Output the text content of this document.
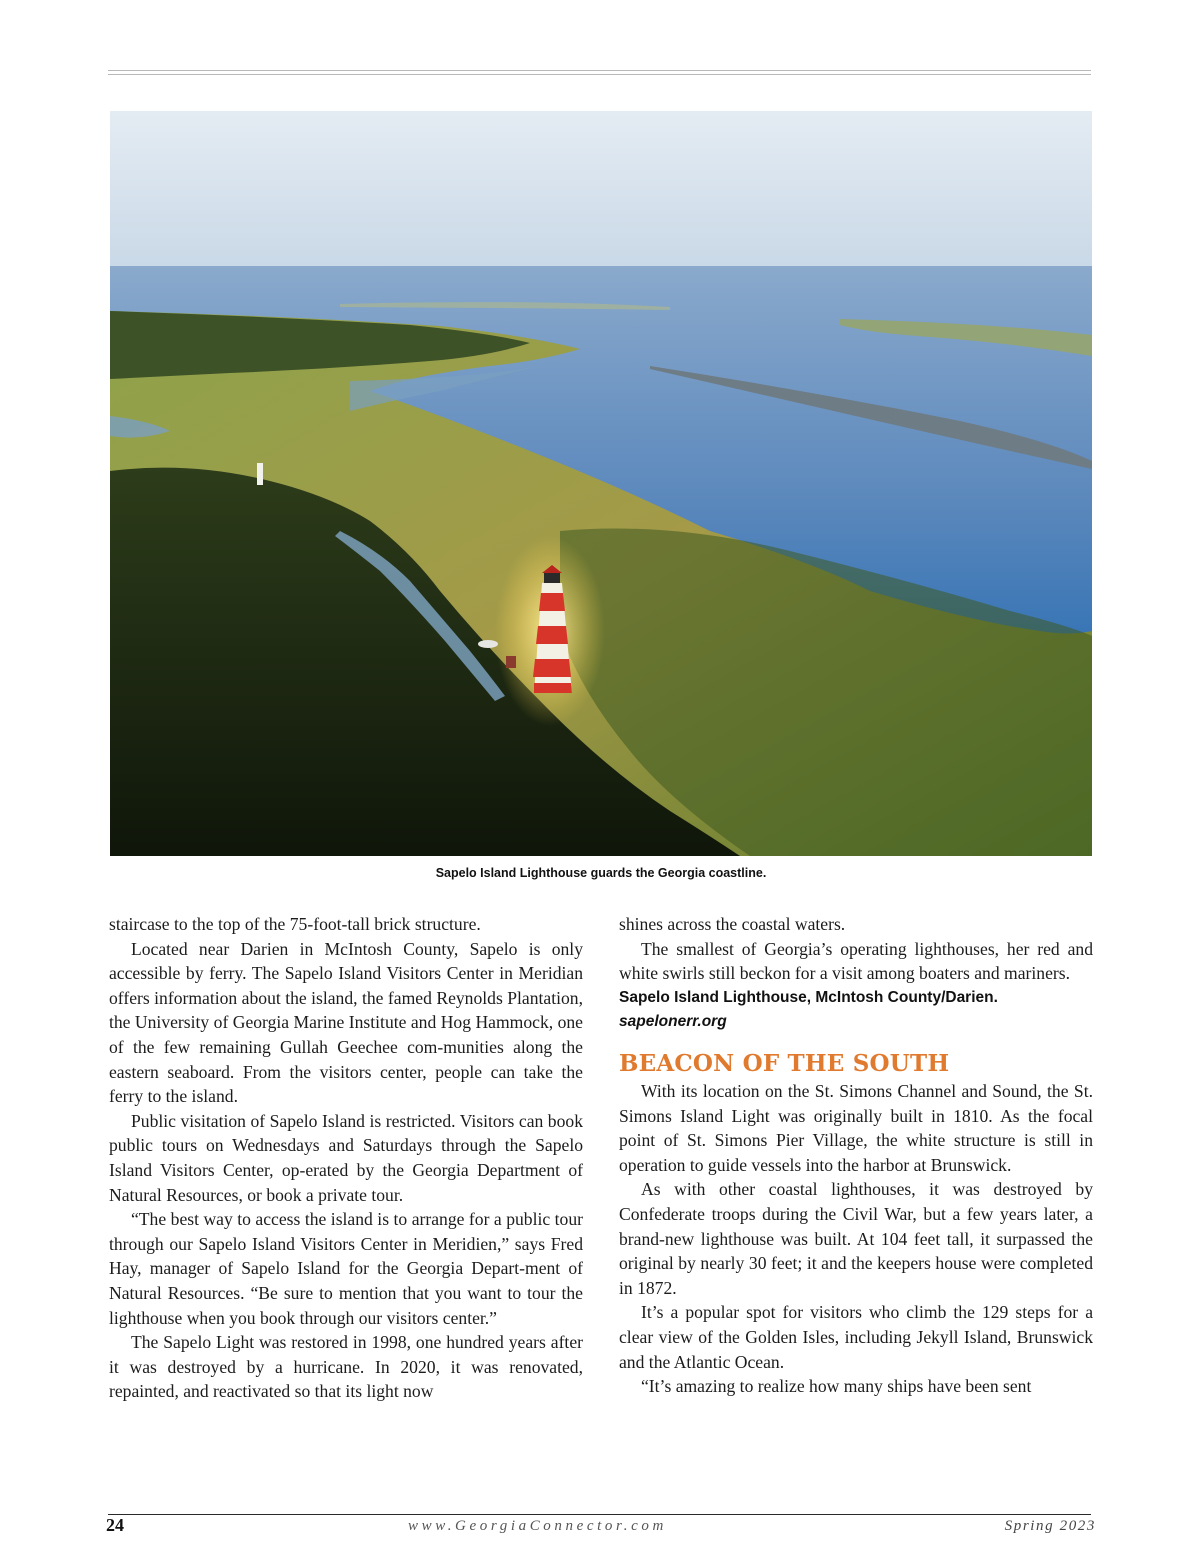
Sapelo Island Lighthouse guards the Georgia coastline.

staircase to the top of the 75-foot-tall brick structure.

Located near Darien in McIntosh County, Sapelo is only accessible by ferry. The Sapelo Island Visitors Center in Meridian offers information about the island, the famed Reynolds Plantation, the University of Georgia Marine Institute and Hog Hammock, one of the few remaining Gullah Geechee com-munities along the eastern seaboard. From the visitors center, people can take the ferry to the island.

Public visitation of Sapelo Island is restricted. Visitors can book public tours on Wednesdays and Saturdays through the Sapelo Island Visitors Center, op-erated by the Georgia Department of Natural Resources, or book a private tour.

“The best way to access the island is to arrange for a public tour through our Sapelo Island Visitors Center in Meridien,” says Fred Hay, manager of Sapelo Island for the Georgia Depart-ment of Natural Resources. “Be sure to mention that you want to tour the lighthouse when you book through our visitors center.”

The Sapelo Light was restored in 1998, one hundred years after it was destroyed by a hurricane. In 2020, it was renovated, repainted, and reactivated so that its light now

shines across the coastal waters.

The smallest of Georgia’s operating lighthouses, her red and white swirls still beckon for a visit among boaters and mariners.

Sapelo Island Lighthouse, McIntosh County/Darien.
sapelonerr.org
BEACON OF THE SOUTH

With its location on the St. Simons Channel and Sound, the St. Simons Island Light was originally built in 1810. As the focal point of St. Simons Pier Village, the white structure is still in operation to guide vessels into the harbor at Brunswick.

As with other coastal lighthouses, it was destroyed by Confederate troops during the Civil War, but a few years later, a brand-new lighthouse was built. At 104 feet tall, it surpassed the original by nearly 30 feet; it and the keepers house were completed in 1872.

It’s a popular spot for visitors who climb the 129 steps for a clear view of the Golden Isles, including Jekyll Island, Brunswick and the Atlantic Ocean.

“It’s amazing to realize how many ships have been sent

24	www.GeorgiaConnector.com	Spring 2023
